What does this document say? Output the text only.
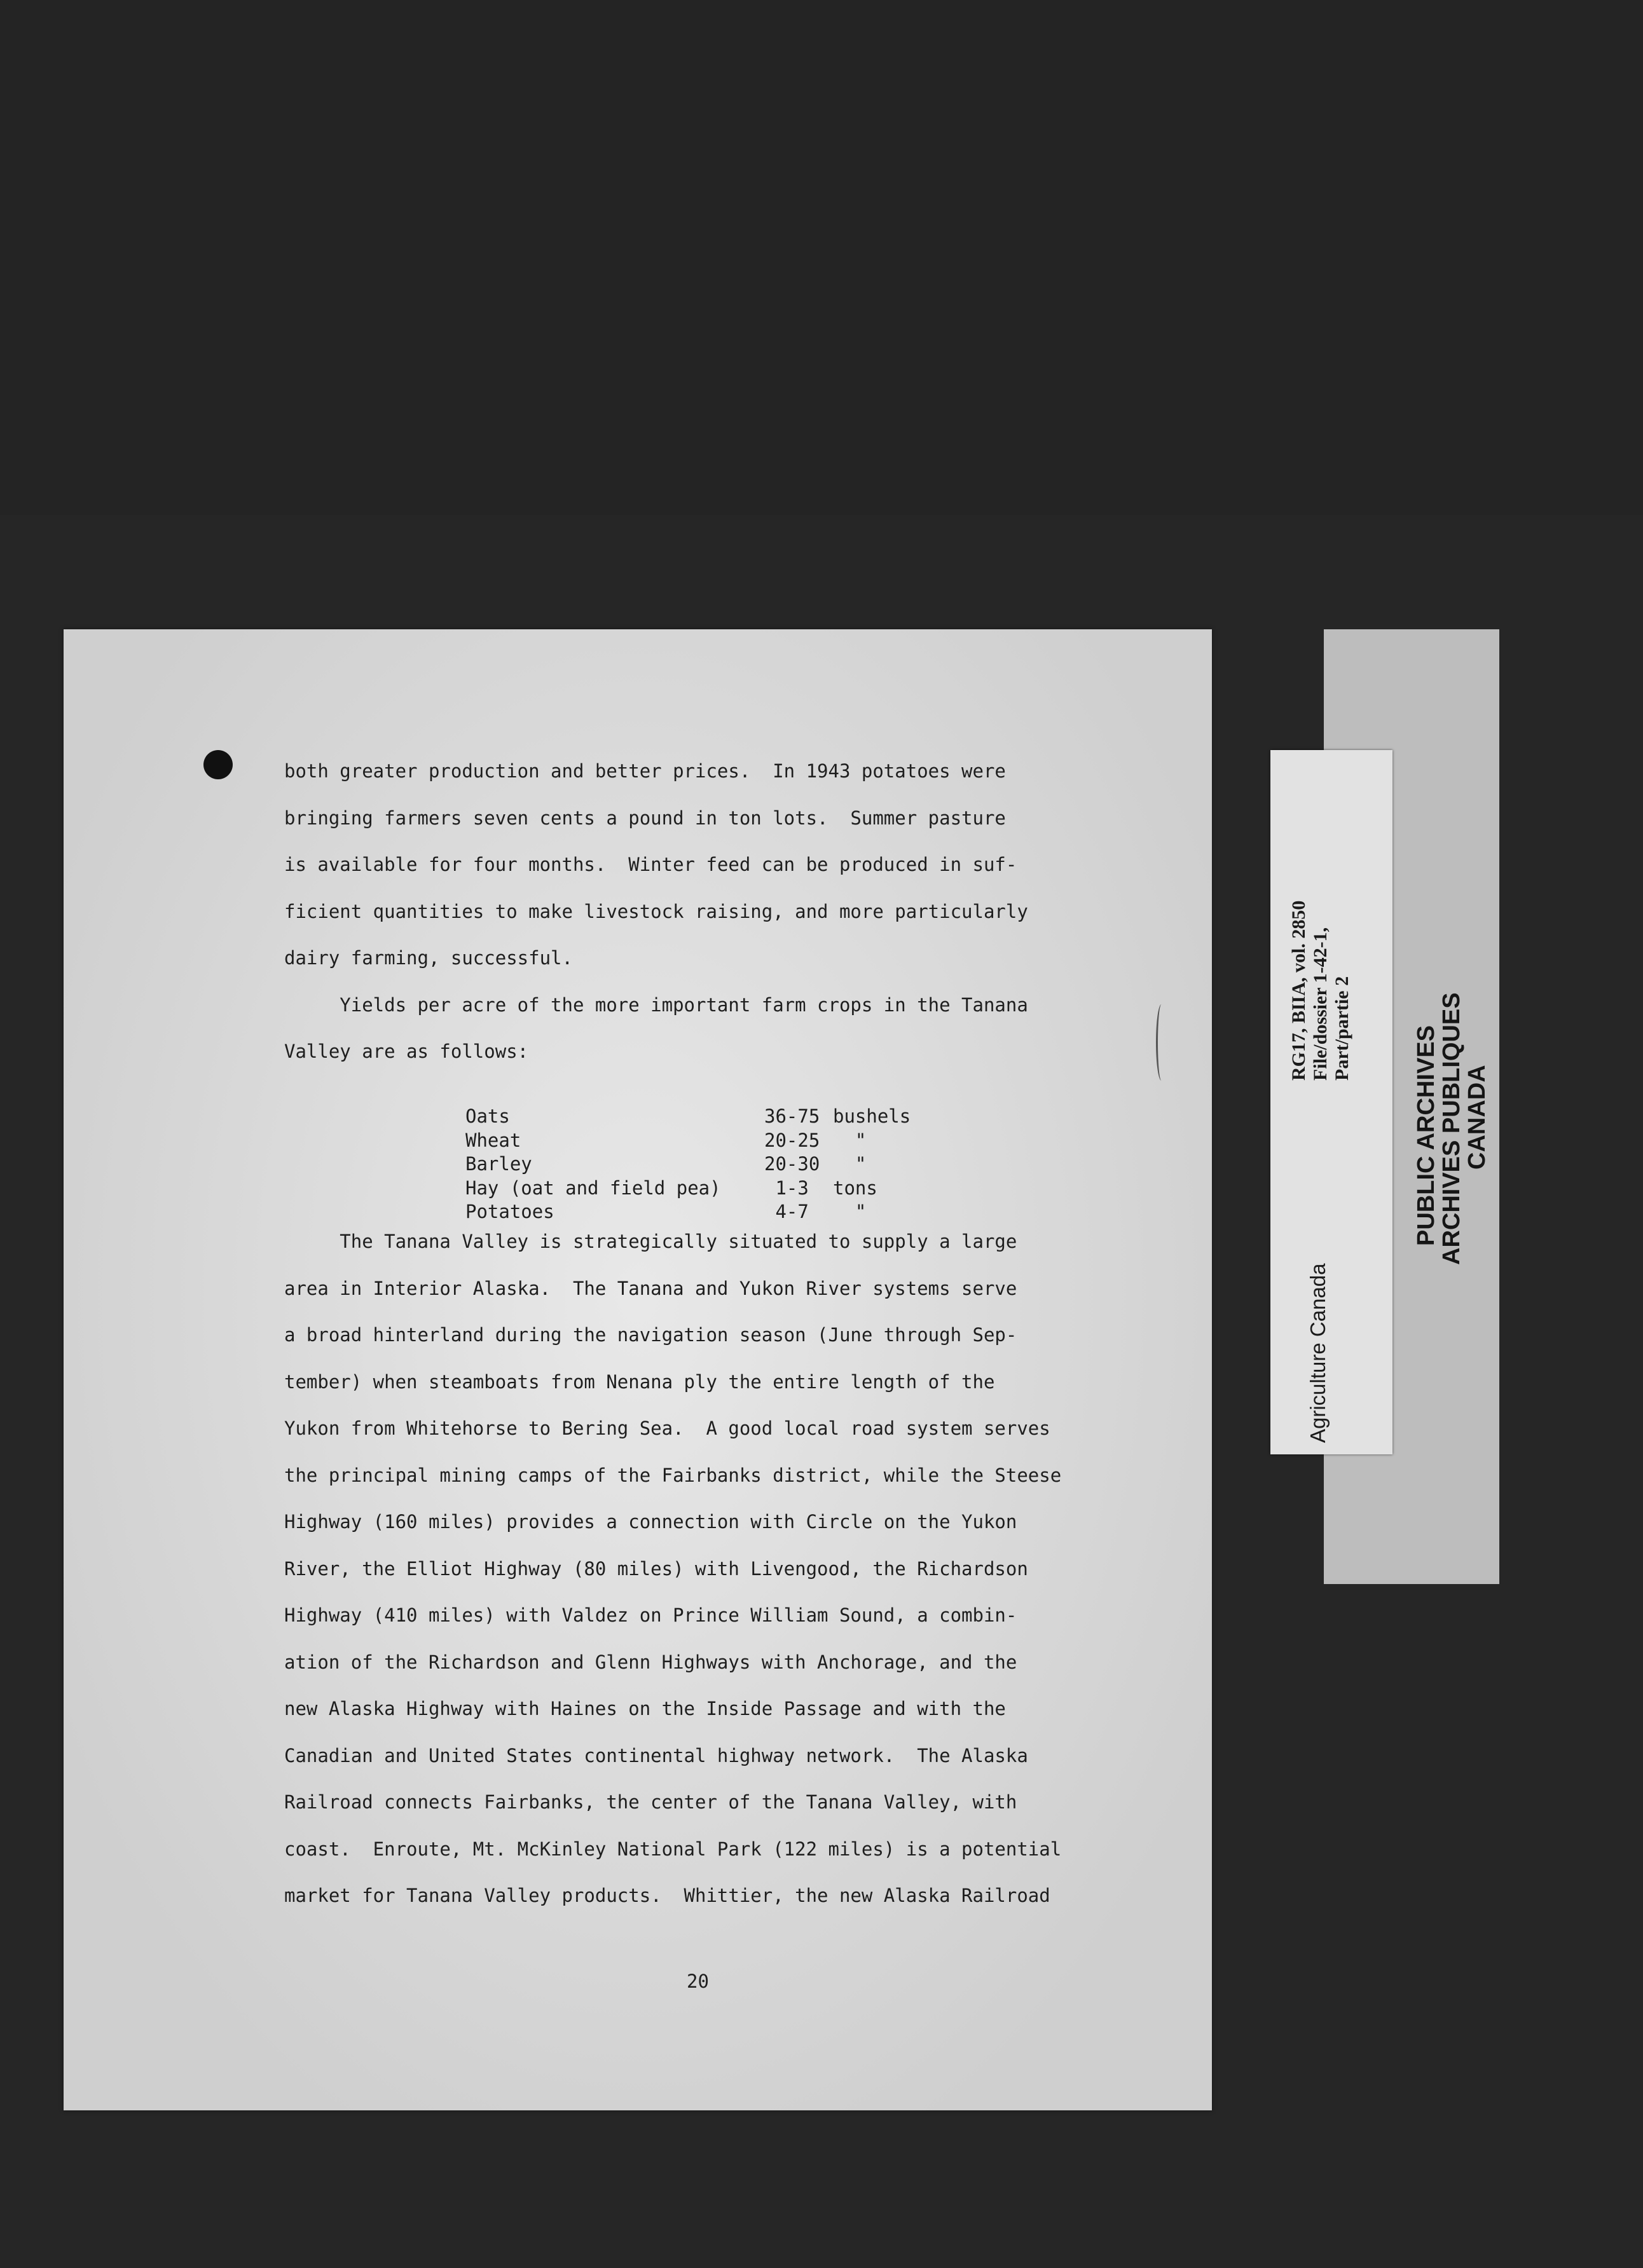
both greater production and better prices.  In 1943 potatoes were
bringing farmers seven cents a pound in ton lots.  Summer pasture
is available for four months.  Winter feed can be produced in suf-
ficient quantities to make livestock raising, and more particularly
dairy farming, successful.
Yields per acre of the more important farm crops in the Tanana
Valley are as follows:
Oats	36-75 bushels
Wheat	20-25 "
Barley	20-30 "
Hay (oat and field pea)	1-3	tons
Potatoes	4-7	"
The Tanana Valley is strategically situated to supply a large
area in Interior Alaska.  The Tanana and Yukon River systems serve
a broad hinterland during the navigation season (June through Sep-
tember) when steamboats from Nenana ply the entire length of the
Yukon from Whitehorse to Bering Sea.  A good local road system serves
the principal mining camps of the Fairbanks district, while the Steese
Highway (160 miles) provides a connection with Circle on the Yukon
River, the Elliot Highway (80 miles) with Livengood, the Richardson
Highway (410 miles) with Valdez on Prince William Sound, a combin-
ation of the Richardson and Glenn Highways with Anchorage, and the
new Alaska Highway with Haines on the Inside Passage and with the
Canadian and United States continental highway network.  The Alaska
Railroad connects Fairbanks, the center of the Tanana Valley, with
coast.  Enroute, Mt. McKinley National Park (122 miles) is a potential
market for Tanana Valley products.  Whittier, the new Alaska Railroad
20
RG17, BIIA, vol. 2850 File/dossier 1-42-1, Part/partie 2
Agriculture Canada
PUBLIC ARCHIVES
ARCHIVES PUBLIQUES
CANADA
